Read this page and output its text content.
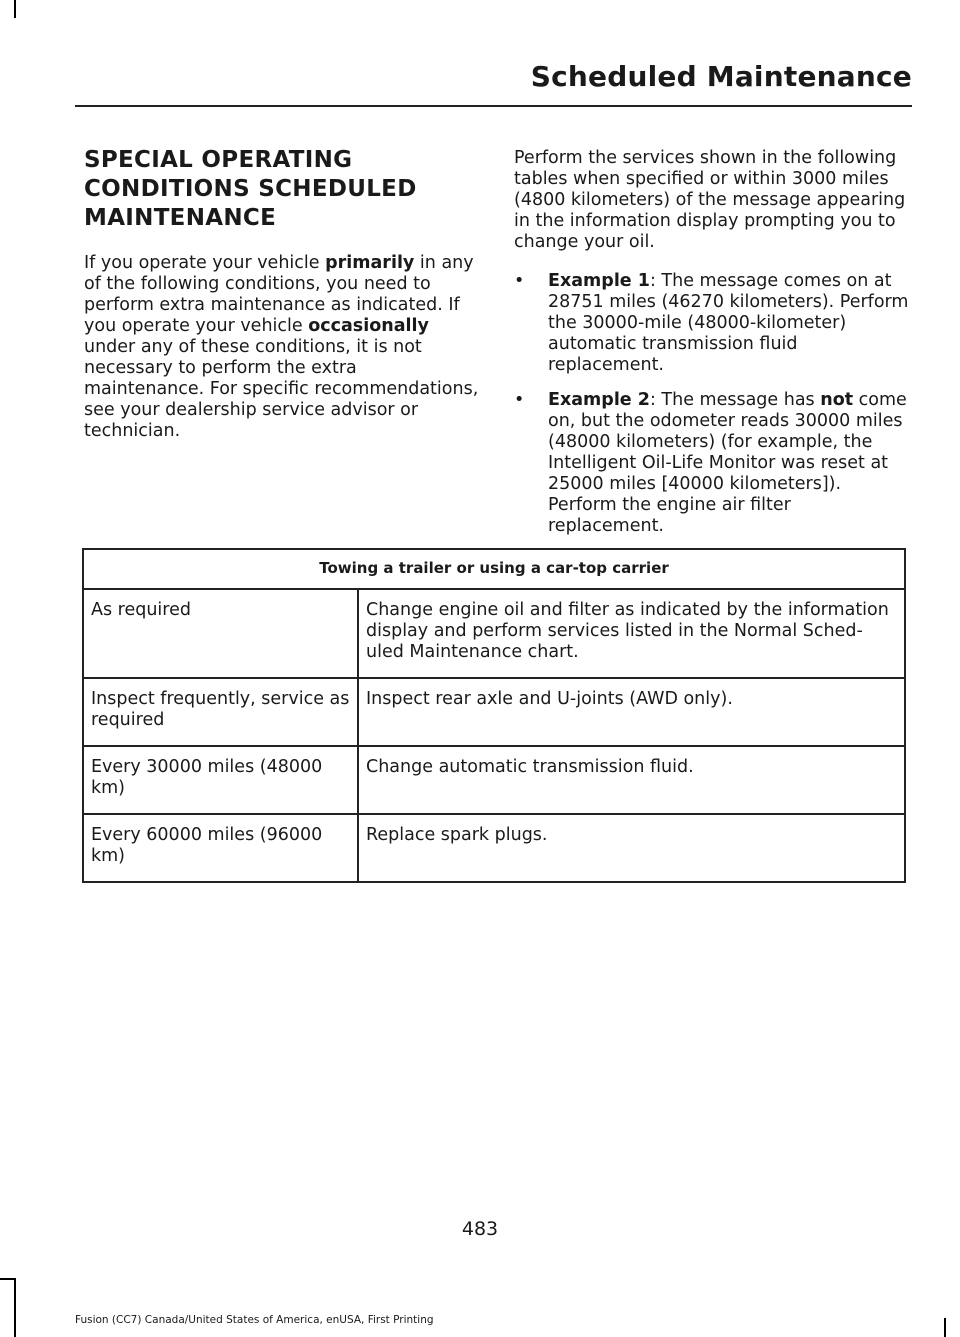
Scheduled Maintenance
SPECIAL OPERATING
CONDITIONS SCHEDULED
MAINTENANCE

If you operate your vehicle primarily in any of the following conditions, you need to perform extra maintenance as indicated. If you operate your vehicle occasionally under any of these conditions, it is not necessary to perform the extra maintenance. For specific recommendations, see your dealership service advisor or technician.

Perform the services shown in the following tables when specified or within 3000 miles (4800 kilometers) of the message appearing in the information display prompting you to change your oil.

• Example 1: The message comes on at 28751 miles (46270 kilometers). Perform the 30000-mile (48000-kilometer) automatic transmission fluid replacement.
• Example 2: The message has not come on, but the odometer reads 30000 miles (48000 kilometers) (for example, the Intelligent Oil-Life Monitor was reset at 25000 miles [40000 kilometers]). Perform the engine air filter replacement.
Towing a trailer or using a car-top carrier	
As required	Change engine oil and filter as indicated by the information display and perform services listed in the Normal Sched-uled Maintenance chart.
Inspect frequently, service as required	Inspect rear axle and U-joints (AWD only).
Every 30000 miles (48000 km)	Change automatic transmission fluid.
Every 60000 miles (96000 km)	Replace spark plugs.
483
Fusion (CC7) Canada/United States of America, enUSA, First Printing
